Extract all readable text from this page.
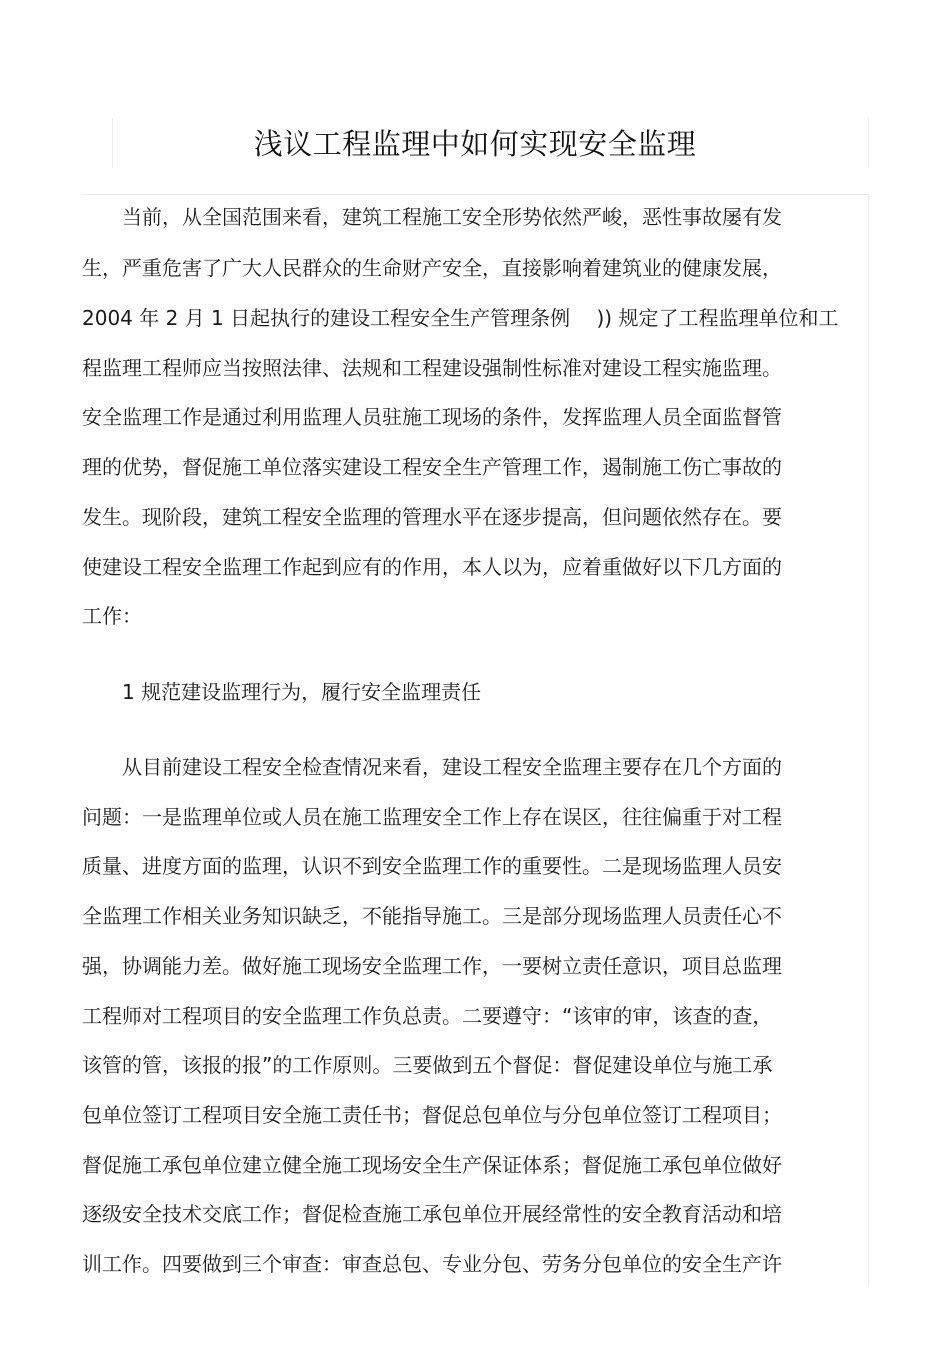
浅议工程监理中如何实现安全监理
当前，从全国范围来看，建筑工程施工安全形势依然严峻，恶性事故屡有发
生，严重危害了广大人民群众的生命财产安全，直接影响着建筑业的健康发展，
2004 年 2 月 1 日起执行的建设工程安全生产管理条例　 )) 规定了工程监理单位和工
程监理工程师应当按照法律、法规和工程建设强制性标准对建设工程实施监理。
安全监理工作是通过利用监理人员驻施工现场的条件，发挥监理人员全面监督管
理的优势，督促施工单位落实建设工程安全生产管理工作，遏制施工伤亡事故的
发生。现阶段，建筑工程安全监理的管理水平在逐步提高，但问题依然存在。要
使建设工程安全监理工作起到应有的作用，本人以为，应着重做好以下几方面的
工作：
1 规范建设监理行为，履行安全监理责任
从目前建设工程安全检查情况来看，建设工程安全监理主要存在几个方面的
问题：一是监理单位或人员在施工监理安全工作上存在误区，往往偏重于对工程
质量、进度方面的监理，认识不到安全监理工作的重要性。二是现场监理人员安
全监理工作相关业务知识缺乏，不能指导施工。三是部分现场监理人员责任心不
强，协调能力差。做好施工现场安全监理工作，一要树立责任意识，项目总监理
工程师对工程项目的安全监理工作负总责。二要遵守：“该审的审，该查的查，
该管的管，该报的报”的工作原则。三要做到五个督促：督促建设单位与施工承
包单位签订工程项目安全施工责任书；督促总包单位与分包单位签订工程项目；
督促施工承包单位建立健全施工现场安全生产保证体系；督促施工承包单位做好
逐级安全技术交底工作；督促检查施工承包单位开展经常性的安全教育活动和培
训工作。四要做到三个审查：审查总包、专业分包、劳务分包单位的安全生产许
